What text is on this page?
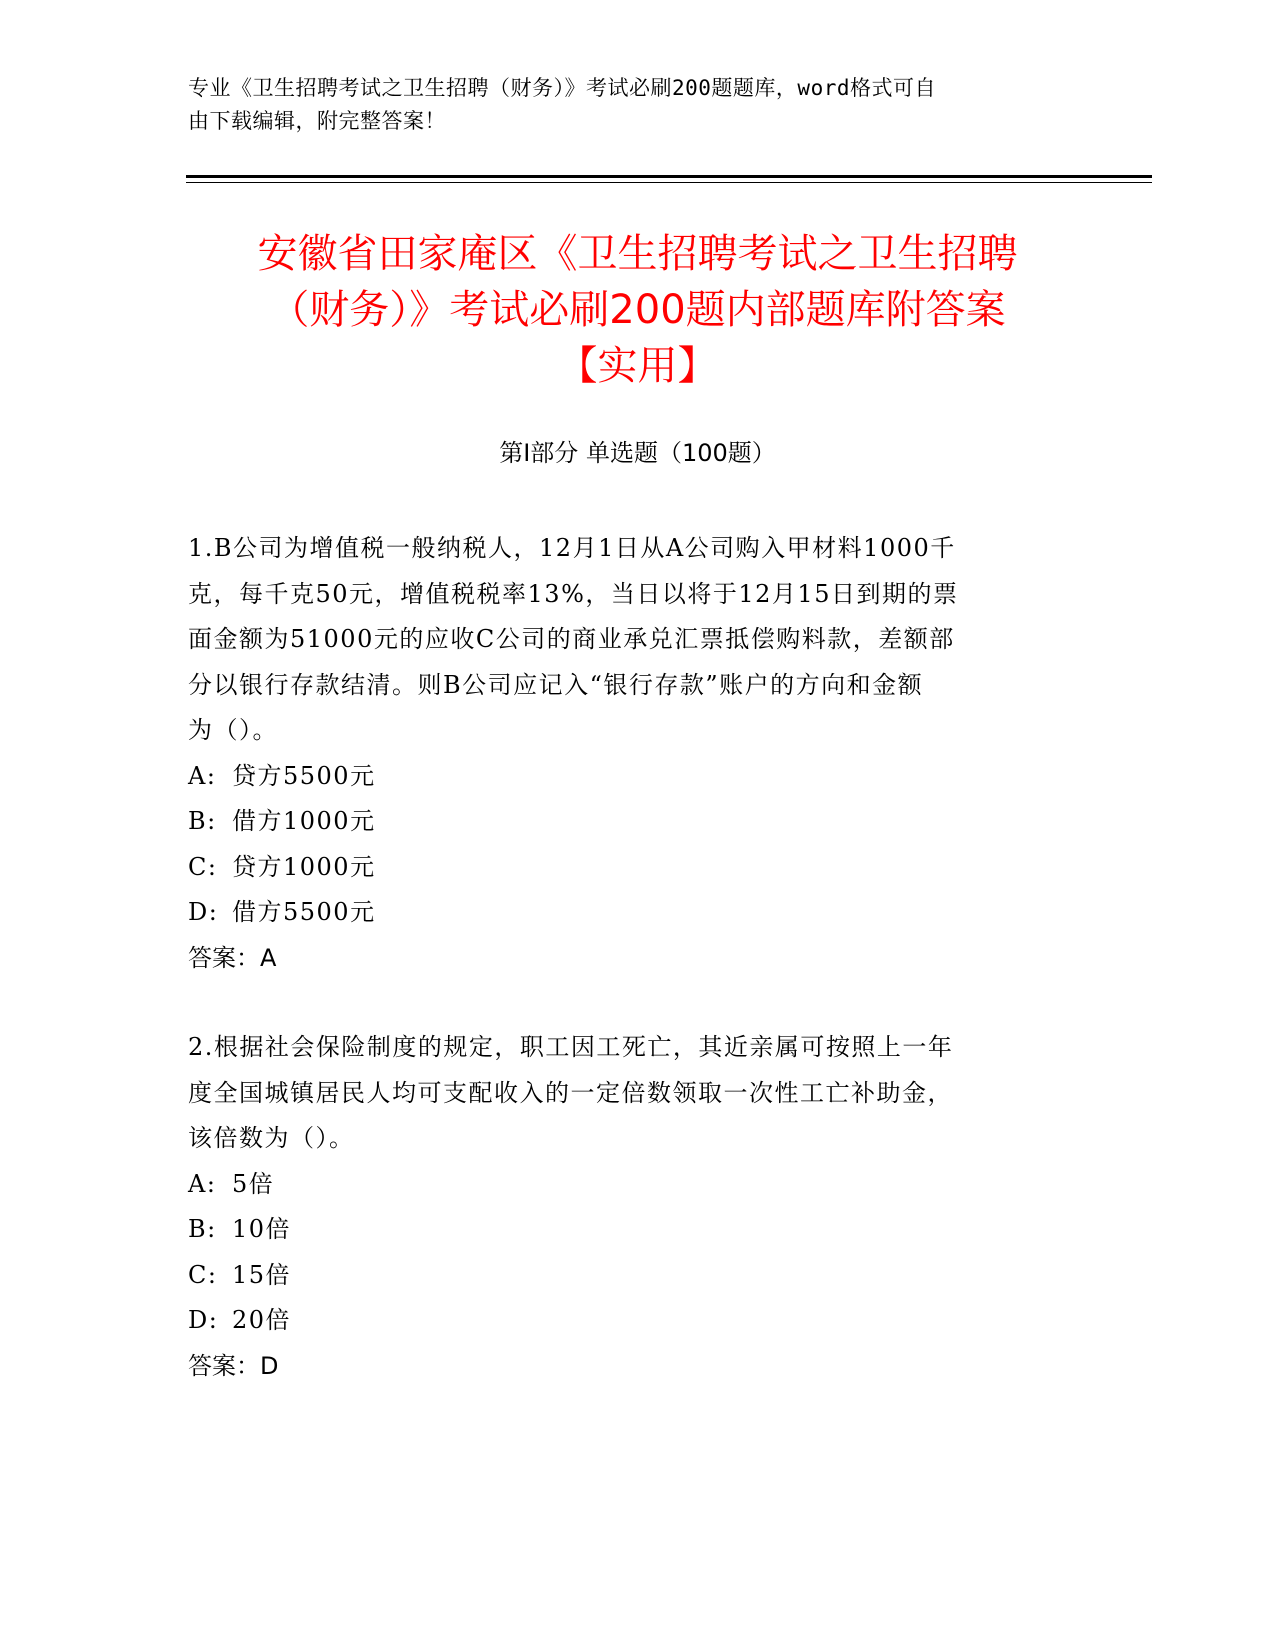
专业《卫生招聘考试之卫生招聘（财务）》考试必刷200题题库，word格式可自
由下载编辑，附完整答案！
安徽省田家庵区《卫生招聘考试之卫生招聘
（财务）》考试必刷200题内部题库附答案
【实用】
第Ⅰ部分 单选题（100题）
1.B公司为增值税一般纳税人，12月1日从A公司购入甲材料1000千
克，每千克50元，增值税税率13%，当日以将于12月15日到期的票
面金额为51000元的应收C公司的商业承兑汇票抵偿购料款，差额部
分以银行存款结清。则B公司应记入“银行存款”账户的方向和金额
为（）。
A: 贷方5500元
B: 借方1000元
C: 贷方1000元
D: 借方5500元
答案：A
2.根据社会保险制度的规定，职工因工死亡，其近亲属可按照上一年
度全国城镇居民人均可支配收入的一定倍数领取一次性工亡补助金，
该倍数为（）。
A: 5倍
B: 10倍
C: 15倍
D: 20倍
答案：D
